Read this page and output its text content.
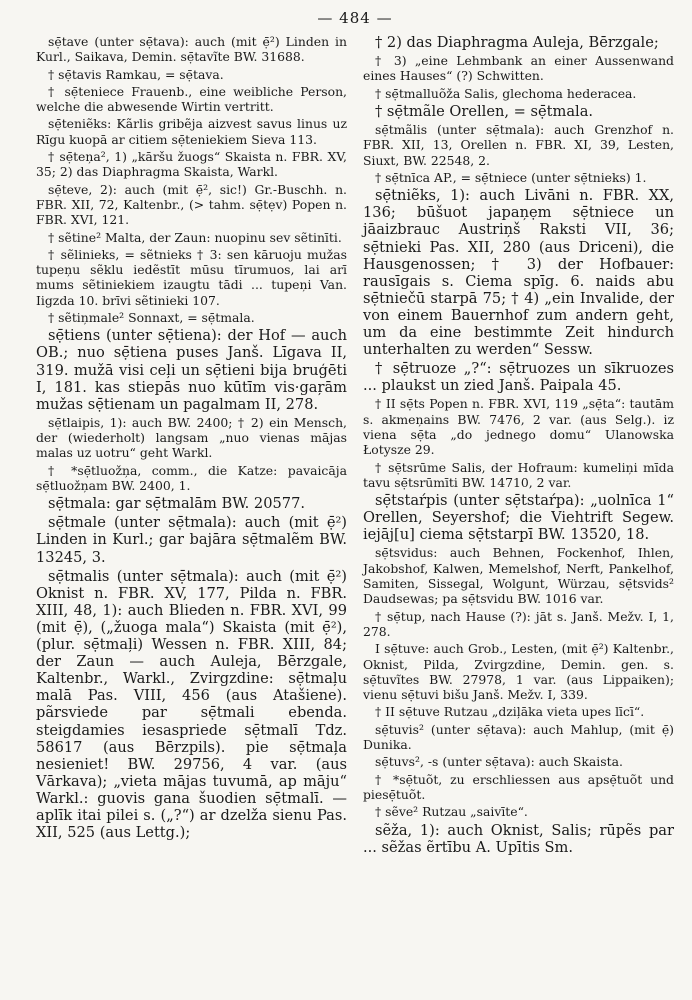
— 484 —

sẹ̄tave (unter sẹ̄tava): auch (mit ẹ̄²) Linden in Kurl., Saikava, Demin. sẹ̄tavĩte BW. 31688.

† sẹ̄tavis Ramkau, = sẹ̄tava.

† sẹ̄teniece Frauenb., eine weibliche Person, welche die abwesende Wirtin vertritt.

sẹ̄teniẽks: Kãrlis gribẽja aizvest savus linus uz Rīgu kuopā ar citiem sẹ̄teniekiem Sieva 113.

† sẹ̄teņa², 1) „kāršu žuogs“ Skaista n. FBR. XV, 35; 2) das Diaphragma Skaista, Warkl.

sẹ̄teve, 2): auch (mit ẹ̄², sic!) Gr.-Buschh. n. FBR. XII, 72, Kaltenbr., (> tahm. sẹ̄tẹv) Popen n. FBR. XVI, 121.

† sẽtine² Malta, der Zaun: nuopinu sev sẽtinīti.

† sẽlinieks, = sẽtnieks † 3: sen kāruoju mužas tupeņu sẽklu iedẽstīt mūsu tīrumuos, lai arī mums sẽtiniekiem izaugtu tādi ... tupeņi Van. Iigzda 10. brīvi sẽtinieki 107.

† sẽtiņmale² Sonnaxt, = sẹ̄tmala.

sẹ̄tiens (unter sẹ̄tiena): der Hof — auch OB.; nuo sẹ̄tiena puses Janš. Līgava II, 319. mužā visi ceļi un sẹ̄tieni bija bruģēti I, 181. kas stiepās nuo kūtīm vis·gaŗām mužas sẹ̄tienam un pagalmam II, 278.

sẹ̄tlaipis, 1): auch BW. 2400; † 2) ein Mensch, der (wiederholt) langsam „nuo vienas mājas malas uz uotru“ geht Warkl.

† *sẹ̄tluožņa, comm., die Katze: pavaicāja sẹ̄tluožņam BW. 2400, 1.

sẹ̄tmala: gar sẹ̄tmalām BW. 20577.

sẹ̄tmale (unter sẹ̄tmala): auch (mit ẹ̄²) Linden in Kurl.; gar bajāra sẹ̄tmalẽm BW. 13245, 3.

sẹ̄tmalis (unter sẹ̄tmala): auch (mit ẹ̄²) Oknist n. FBR. XV, 177, Pilda n. FBR. XIII, 48, 1): auch Blieden n. FBR. XVI, 99 (mit ẹ̄), („žuoga mala“) Skaista (mit ẹ̄²), (plur. sẹ̄tmaļi) Wessen n. FBR. XIII, 84; der Zaun — auch Auleja, Bērzgale, Kaltenbr., Warkl., Zvirgzdine: sẹ̄tmaļu malā Pas. VIII, 456 (aus Atašiene). pãrsviede par sẹ̄tmali ebenda. steigdamies iesaspriede sẹ̄tmalī Tdz. 58617 (aus Bērzpils). pie sẹ̄tmaļa nesieniet! BW. 29756, 4 var. (aus Vārkava); „vieta mājas tuvumā, ap māju“ Warkl.: guovis gana šuodien sẹ̄tmalī. — aplīk itai pilei s. („?“) ar dzelža sienu Pas. XII, 525 (aus Lettg.);

† 2) das Diaphragma Auleja, Bērzgale;

† 3) „eine Lehmbank an einer Aussenwand eines Hauses“ (?) Schwitten.

† sẹ̄tmalluõža Salis, glechoma hederacea.

† sẹ̄tmãle Orellen, = sẹ̄tmala.

sẹ̄tmãlis (unter sẹ̄tmala): auch Grenzhof n. FBR. XII, 13, Orellen n. FBR. XI, 39, Lesten, Siuxt, BW. 22548, 2.

† sẹ̄tnīca AP., = sẹ̄tniece (unter sẹ̄tnieks) 1.

sẹ̄tniẽks, 1): auch Livāni n. FBR. XX, 136; būšuot japaņẹm sẹ̄tniece un jāaizbrauc Austriņš Raksti VII, 36; sẹ̄tnieki Pas. XII, 280 (aus Driceni), die Hausgenossen; † 3) der Hofbauer: rausīgais s. Ciema spīg. 6. naids abu sẹ̄tniečū starpā 75; † 4) „ein Invalide, der von einem Bauernhof zum andern geht, um da eine bestimmte Zeit hindurch unterhalten zu werden“ Sessw.

† sẹ̄truoze „?“: sẹ̄truozes un sīkruozes ... plaukst un zied Janš. Paipala 45.

† II sẹ̄ts Popen n. FBR. XVI, 119 „sẹ̄ta“: tautām s. akmeņains BW. 7476, 2 var. (aus Selg.). iz viena sẹ̄ta „do jednego domu“ Ulanowska Łotysze 29.

† sẹ̄tsrūme Salis, der Hofraum: kumeliņi mīda tavu sẹ̄tsrūmīti BW. 14710, 2 var.

sẹ̄tstaŕpis (unter sẹ̄tstaŕpa): „uolnīca 1“ Orellen, Seyershof; die Viehtrift Segew. iejāj[u] ciema sẹ̄tstarpī BW. 13520, 18.

sẹ̄tsvidus: auch Behnen, Fockenhof, Ihlen, Jakobshof, Kalwen, Memelshof, Nerft, Pankelhof, Samiten, Sissegal, Wolgunt, Würzau, sẹ̄tsvids² Daudsewas; pa sẹ̄tsvidu BW. 1016 var.

† sẹ̄tup, nach Hause (?): jāt s. Janš. Mežv. I, 1, 278.

I sẹ̄tuve: auch Grob., Lesten, (mit ẹ̄²) Kaltenbr., Oknist, Pilda, Zvirgzdine, Demin. gen. s. sẹ̄tuvĩtes BW. 27978, 1 var. (aus Lippaiken); vienu sẹ̄tuvi bišu Janš. Mežv. I, 339.

† II sẹ̄tuve Rutzau „dziļāka vieta upes līcī“.

sẹ̄tuvis² (unter sẹ̄tava): auch Mahlup, (mit ẹ̄) Dunika.

sẹ̄tuvs², -s (unter sẹ̄tava): auch Skaista.

† *sẹ̄tuõt, zu erschliessen aus apsẹ̄tuõt und piesẹ̄tuõt.

† sẽve² Rutzau „saivīte“.

sẽža, 1): auch Oknist, Salis; rūpẽs par ... sẽžas ẽrtību A. Upītis Sm.
